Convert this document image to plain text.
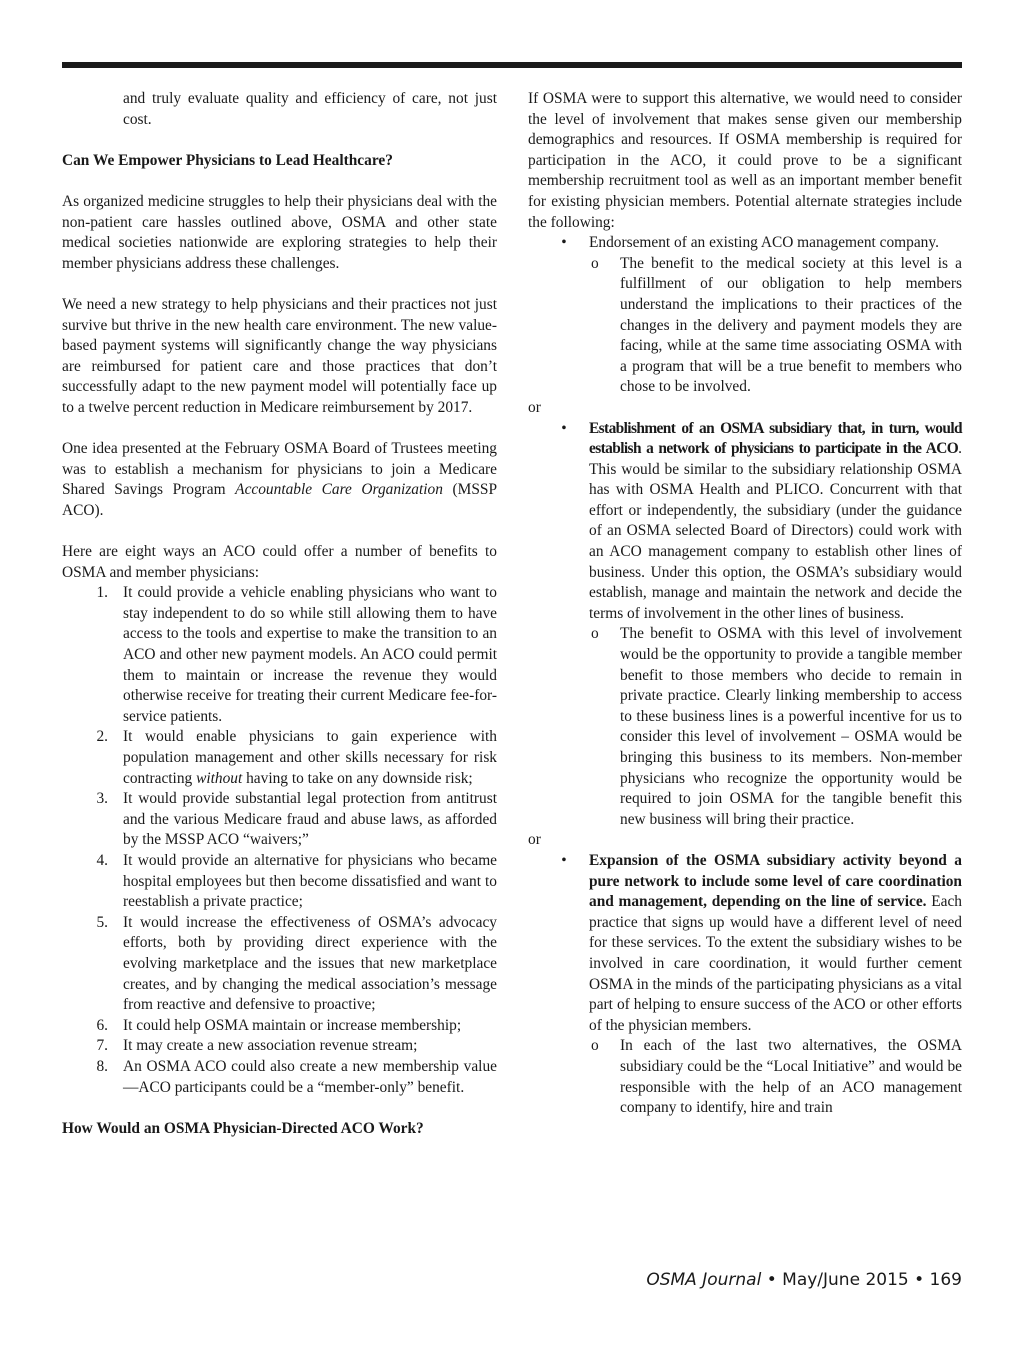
and truly evaluate quality and efficiency of care, not just cost.

Can We Empower Physicians to Lead Healthcare?

As organized medicine struggles to help their physicians deal with the non-patient care hassles outlined above, OSMA and other state medical societies nationwide are exploring strategies to help their member physicians address these challenges.

We need a new strategy to help physicians and their practices not just survive but thrive in the new health care environment. The new value-based payment systems will significantly change the way physicians are reimbursed for patient care and those practices that don’t successfully adapt to the new payment model will potentially face up to a twelve percent reduction in Medicare reimbursement by 2017.

One idea presented at the February OSMA Board of Trustees meeting was to establish a mechanism for physicians to join a Medicare Shared Savings Program Accountable Care Organization (MSSP ACO).

Here are eight ways an ACO could offer a number of benefits to OSMA and member physicians:

1. It could provide a vehicle enabling physicians who want to stay independent to do so while still allowing them to have access to the tools and expertise to make the transition to an ACO and other new payment models. An ACO could permit them to maintain or increase the revenue they would otherwise receive for treating their current Medicare fee-for-service patients.
2. It would enable physicians to gain experience with population management and other skills necessary for risk contracting without having to take on any downside risk;
3. It would provide substantial legal protection from antitrust and the various Medicare fraud and abuse laws, as afforded by the MSSP ACO “waivers;”
4. It would provide an alternative for physicians who became hospital employees but then become dissatisfied and want to reestablish a private practice;
5. It would increase the effectiveness of OSMA’s advocacy efforts, both by providing direct experience with the evolving marketplace and the issues that new marketplace creates, and by changing the medical association’s message from reactive and defensive to proactive;
6. It could help OSMA maintain or increase membership;
7. It may create a new association revenue stream;
8. An OSMA ACO could also create a new membership value—ACO participants could be a “member-only” benefit.

How Would an OSMA Physician-Directed ACO Work?

If OSMA were to support this alternative, we would need to consider the level of involvement that makes sense given our membership demographics and resources. If OSMA membership is required for participation in the ACO, it could prove to be a significant membership recruitment tool as well as an important member benefit for existing physician members. Potential alternate strategies include the following:

• Endorsement of an existing ACO management company.
o The benefit to the medical society at this level is a fulfillment of our obligation to help members understand the implications to their practices of the changes in the delivery and payment models they are facing, while at the same time associating OSMA with a program that will be a true benefit to members who chose to be involved.

or

• Establishment of an OSMA subsidiary that, in turn, would establish a network of physicians to participate in the ACO. This would be similar to the subsidiary relationship OSMA has with OSMA Health and PLICO. Concurrent with that effort or independently, the subsidiary (under the guidance of an OSMA selected Board of Directors) could work with an ACO management company to establish other lines of business. Under this option, the OSMA’s subsidiary would establish, manage and maintain the network and decide the terms of involvement in the other lines of business.
o The benefit to OSMA with this level of involvement would be the opportunity to provide a tangible member benefit to those members who decide to remain in private practice. Clearly linking membership to access to these business lines is a powerful incentive for us to consider this level of involvement – OSMA would be bringing this business to its members. Non-member physicians who recognize the opportunity would be required to join OSMA for the tangible benefit this new business will bring their practice.

or

• Expansion of the OSMA subsidiary activity beyond a pure network to include some level of care coordination and management, depending on the line of service. Each practice that signs up would have a different level of need for these services. To the extent the subsidiary wishes to be involved in care coordination, it would further cement OSMA in the minds of the participating physicians as a vital part of helping to ensure success of the ACO or other efforts of the physician members.
o In each of the last two alternatives, the OSMA subsidiary could be the “Local Initiative” and would be responsible with the help of an ACO management company to identify, hire and train
OSMA Journal • May/June 2015 • 169
